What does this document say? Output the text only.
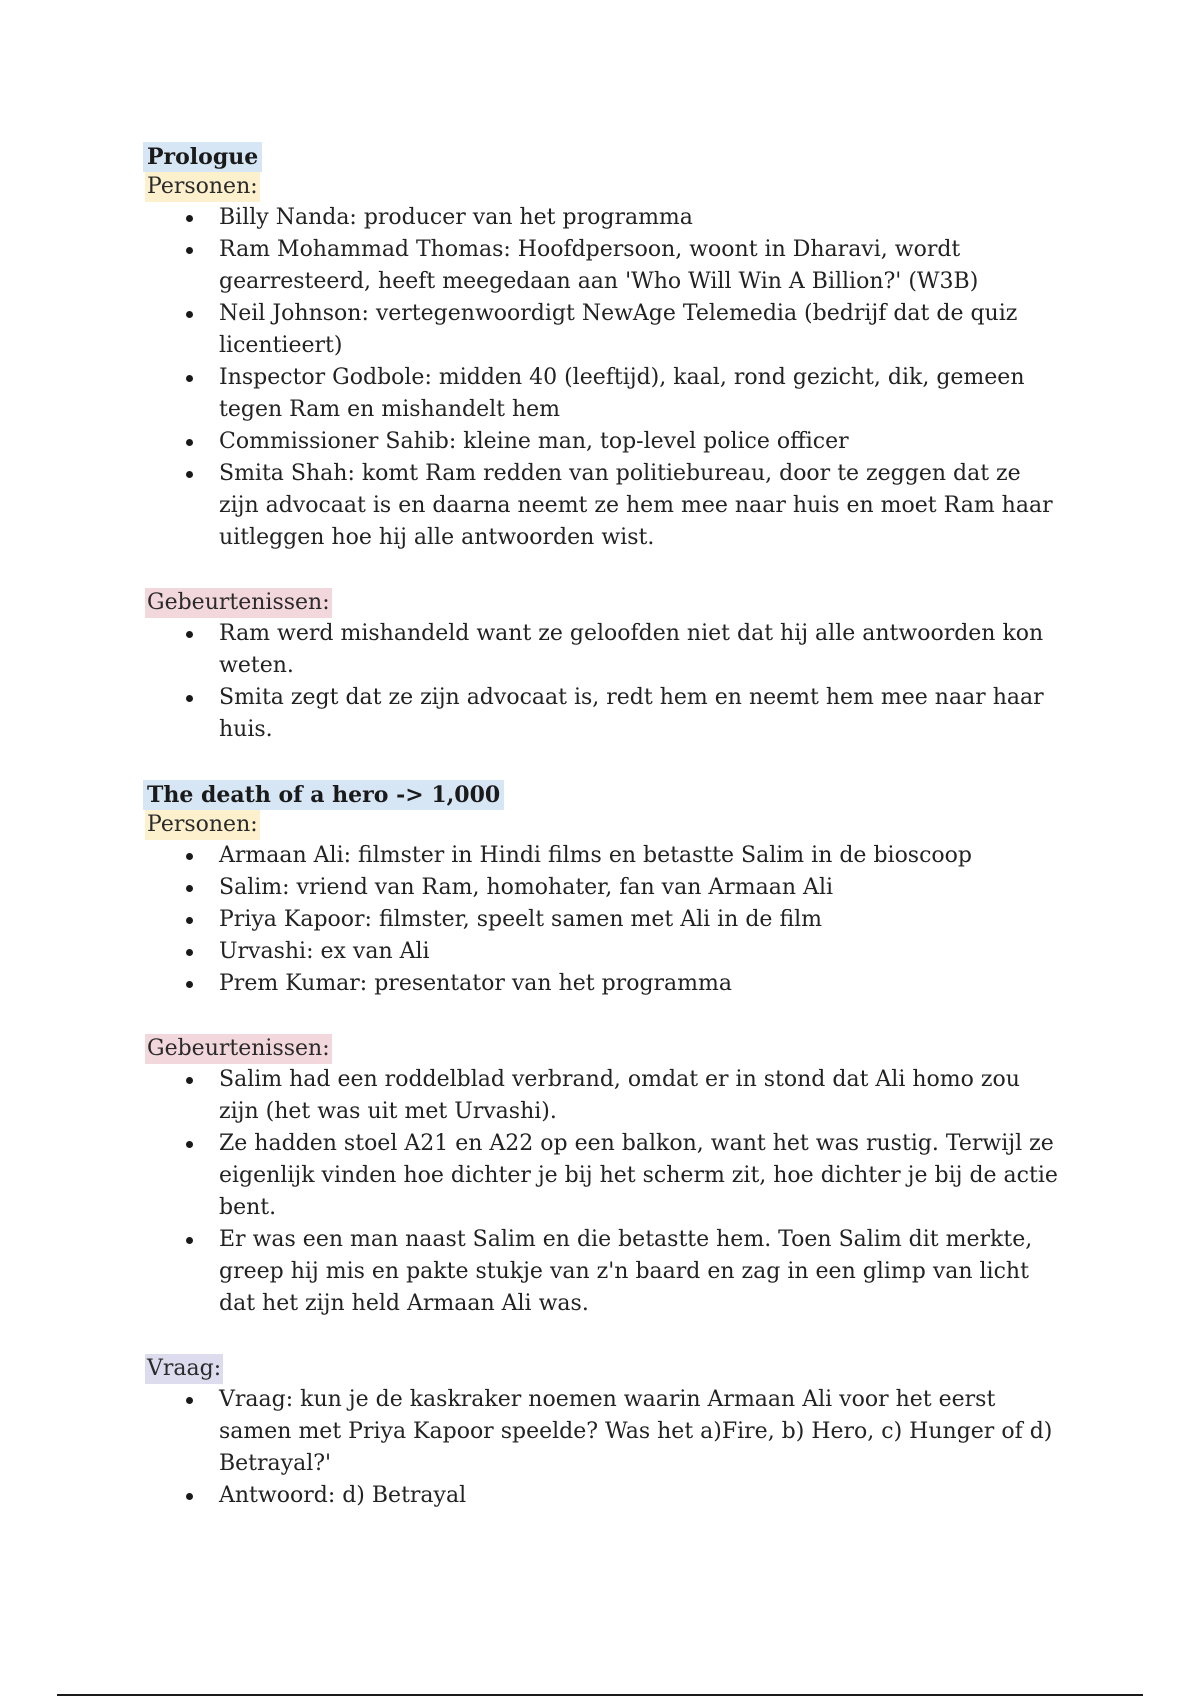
Prologue
Personen:
Billy Nanda: producer van het programma
Ram Mohammad Thomas: Hoofdpersoon, woont in Dharavi, wordt gearresteerd, heeft meegedaan aan 'Who Will Win A Billion?' (W3B)
Neil Johnson: vertegenwoordigt NewAge Telemedia (bedrijf dat de quiz licentieert)
Inspector Godbole: midden 40 (leeftijd), kaal, rond gezicht, dik, gemeen tegen Ram en mishandelt hem
Commissioner Sahib: kleine man, top-level police officer
Smita Shah: komt Ram redden van politiebureau, door te zeggen dat ze zijn advocaat is en daarna neemt ze hem mee naar huis en moet Ram haar uitleggen hoe hij alle antwoorden wist.
Gebeurtenissen:
Ram werd mishandeld want ze geloofden niet dat hij alle antwoorden kon weten.
Smita zegt dat ze zijn advocaat is, redt hem en neemt hem mee naar haar huis.
The death of a hero -> 1,000
Personen:
Armaan Ali: filmster in Hindi films en betastte Salim in de bioscoop
Salim: vriend van Ram, homohater, fan van Armaan Ali
Priya Kapoor: filmster, speelt samen met Ali in de film
Urvashi: ex van Ali
Prem Kumar: presentator van het programma
Gebeurtenissen:
Salim had een roddelblad verbrand, omdat er in stond dat Ali homo zou zijn (het was uit met Urvashi).
Ze hadden stoel A21 en A22 op een balkon, want het was rustig. Terwijl ze eigenlijk vinden hoe dichter je bij het scherm zit, hoe dichter je bij de actie bent.
Er was een man naast Salim en die betastte hem. Toen Salim dit merkte, greep hij mis en pakte stukje van z'n baard en zag in een glimp van licht dat het zijn held Armaan Ali was.
Vraag:
Vraag: kun je de kaskraker noemen waarin Armaan Ali voor het eerst samen met Priya Kapoor speelde? Was het a)Fire, b) Hero, c) Hunger of d) Betrayal?'
Antwoord: d) Betrayal
